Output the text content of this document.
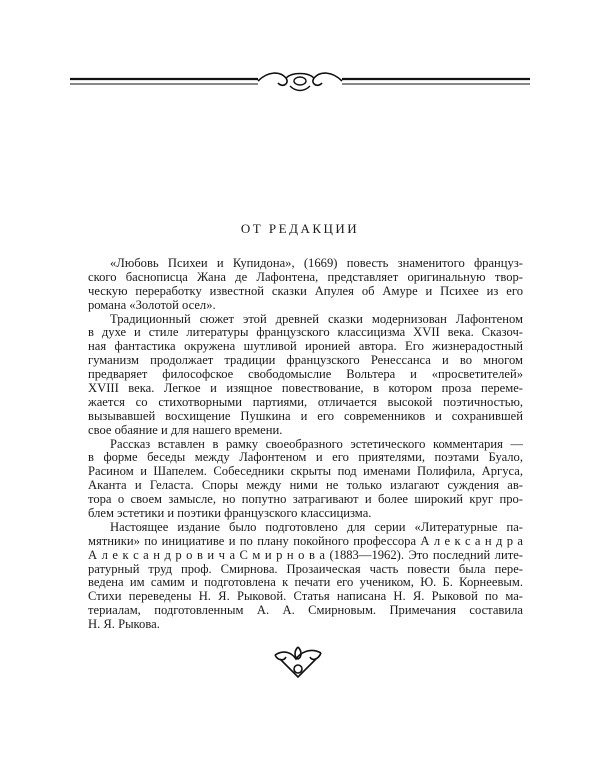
ОТ РЕДАКЦИИ
«Любовь Психеи и Купидона», (1669) повесть знаменитого француз-
ского баснописца Жана де Лафонтена, представляет оригинальную твор-
ческую переработку известной сказки Апулея об Амуре и Психее из его
романа «Золотой осел».
Традиционный сюжет этой древней сказки модернизован Лафонтеном
в духе и стиле литературы французского классицизма XVII века. Сказоч-
ная фантастика окружена шутливой иронией автора. Его жизнерадостный
гуманизм продолжает традиции французского Ренессанса и во многом
предваряет философское свободомыслие Вольтера и «просветителей»
XVIII века. Легкое и изящное повествование, в котором проза переме-
жается со стихотворными партиями, отличается высокой поэтичностью,
вызывавшей восхищение Пушкина и его современников и сохранившей
свое обаяние и для нашего времени.
Рассказ вставлен в рамку своеобразного эстетического комментария —
в форме беседы между Лафонтеном и его приятелями, поэтами Буало,
Расином и Шапелем. Собеседники скрыты под именами Полифила, Аргуса,
Аканта и Геласта. Споры между ними не только излагают суждения ав-
тора о своем замысле, но попутно затрагивают и более широкий круг про-
блем эстетики и поэтики французского классицизма.
Настоящее издание было подготовлено для серии «Литературные па-
мятники» по инициативе и по плану покойного профессора А л е к с а н д р а
А л е к с а н д р о в и ч а С м и р н о в а (1883—1962). Это последний лите-
ратурный труд проф. Смирнова. Прозаическая часть повести была пере-
ведена им самим и подготовлена к печати его учеником, Ю. Б. Корнеевым.
Стихи переведены Н. Я. Рыковой. Статья написана Н. Я. Рыковой по ма-
териалам, подготовленным А. А. Смирновым. Примечания составила
Н. Я. Рыкова.
